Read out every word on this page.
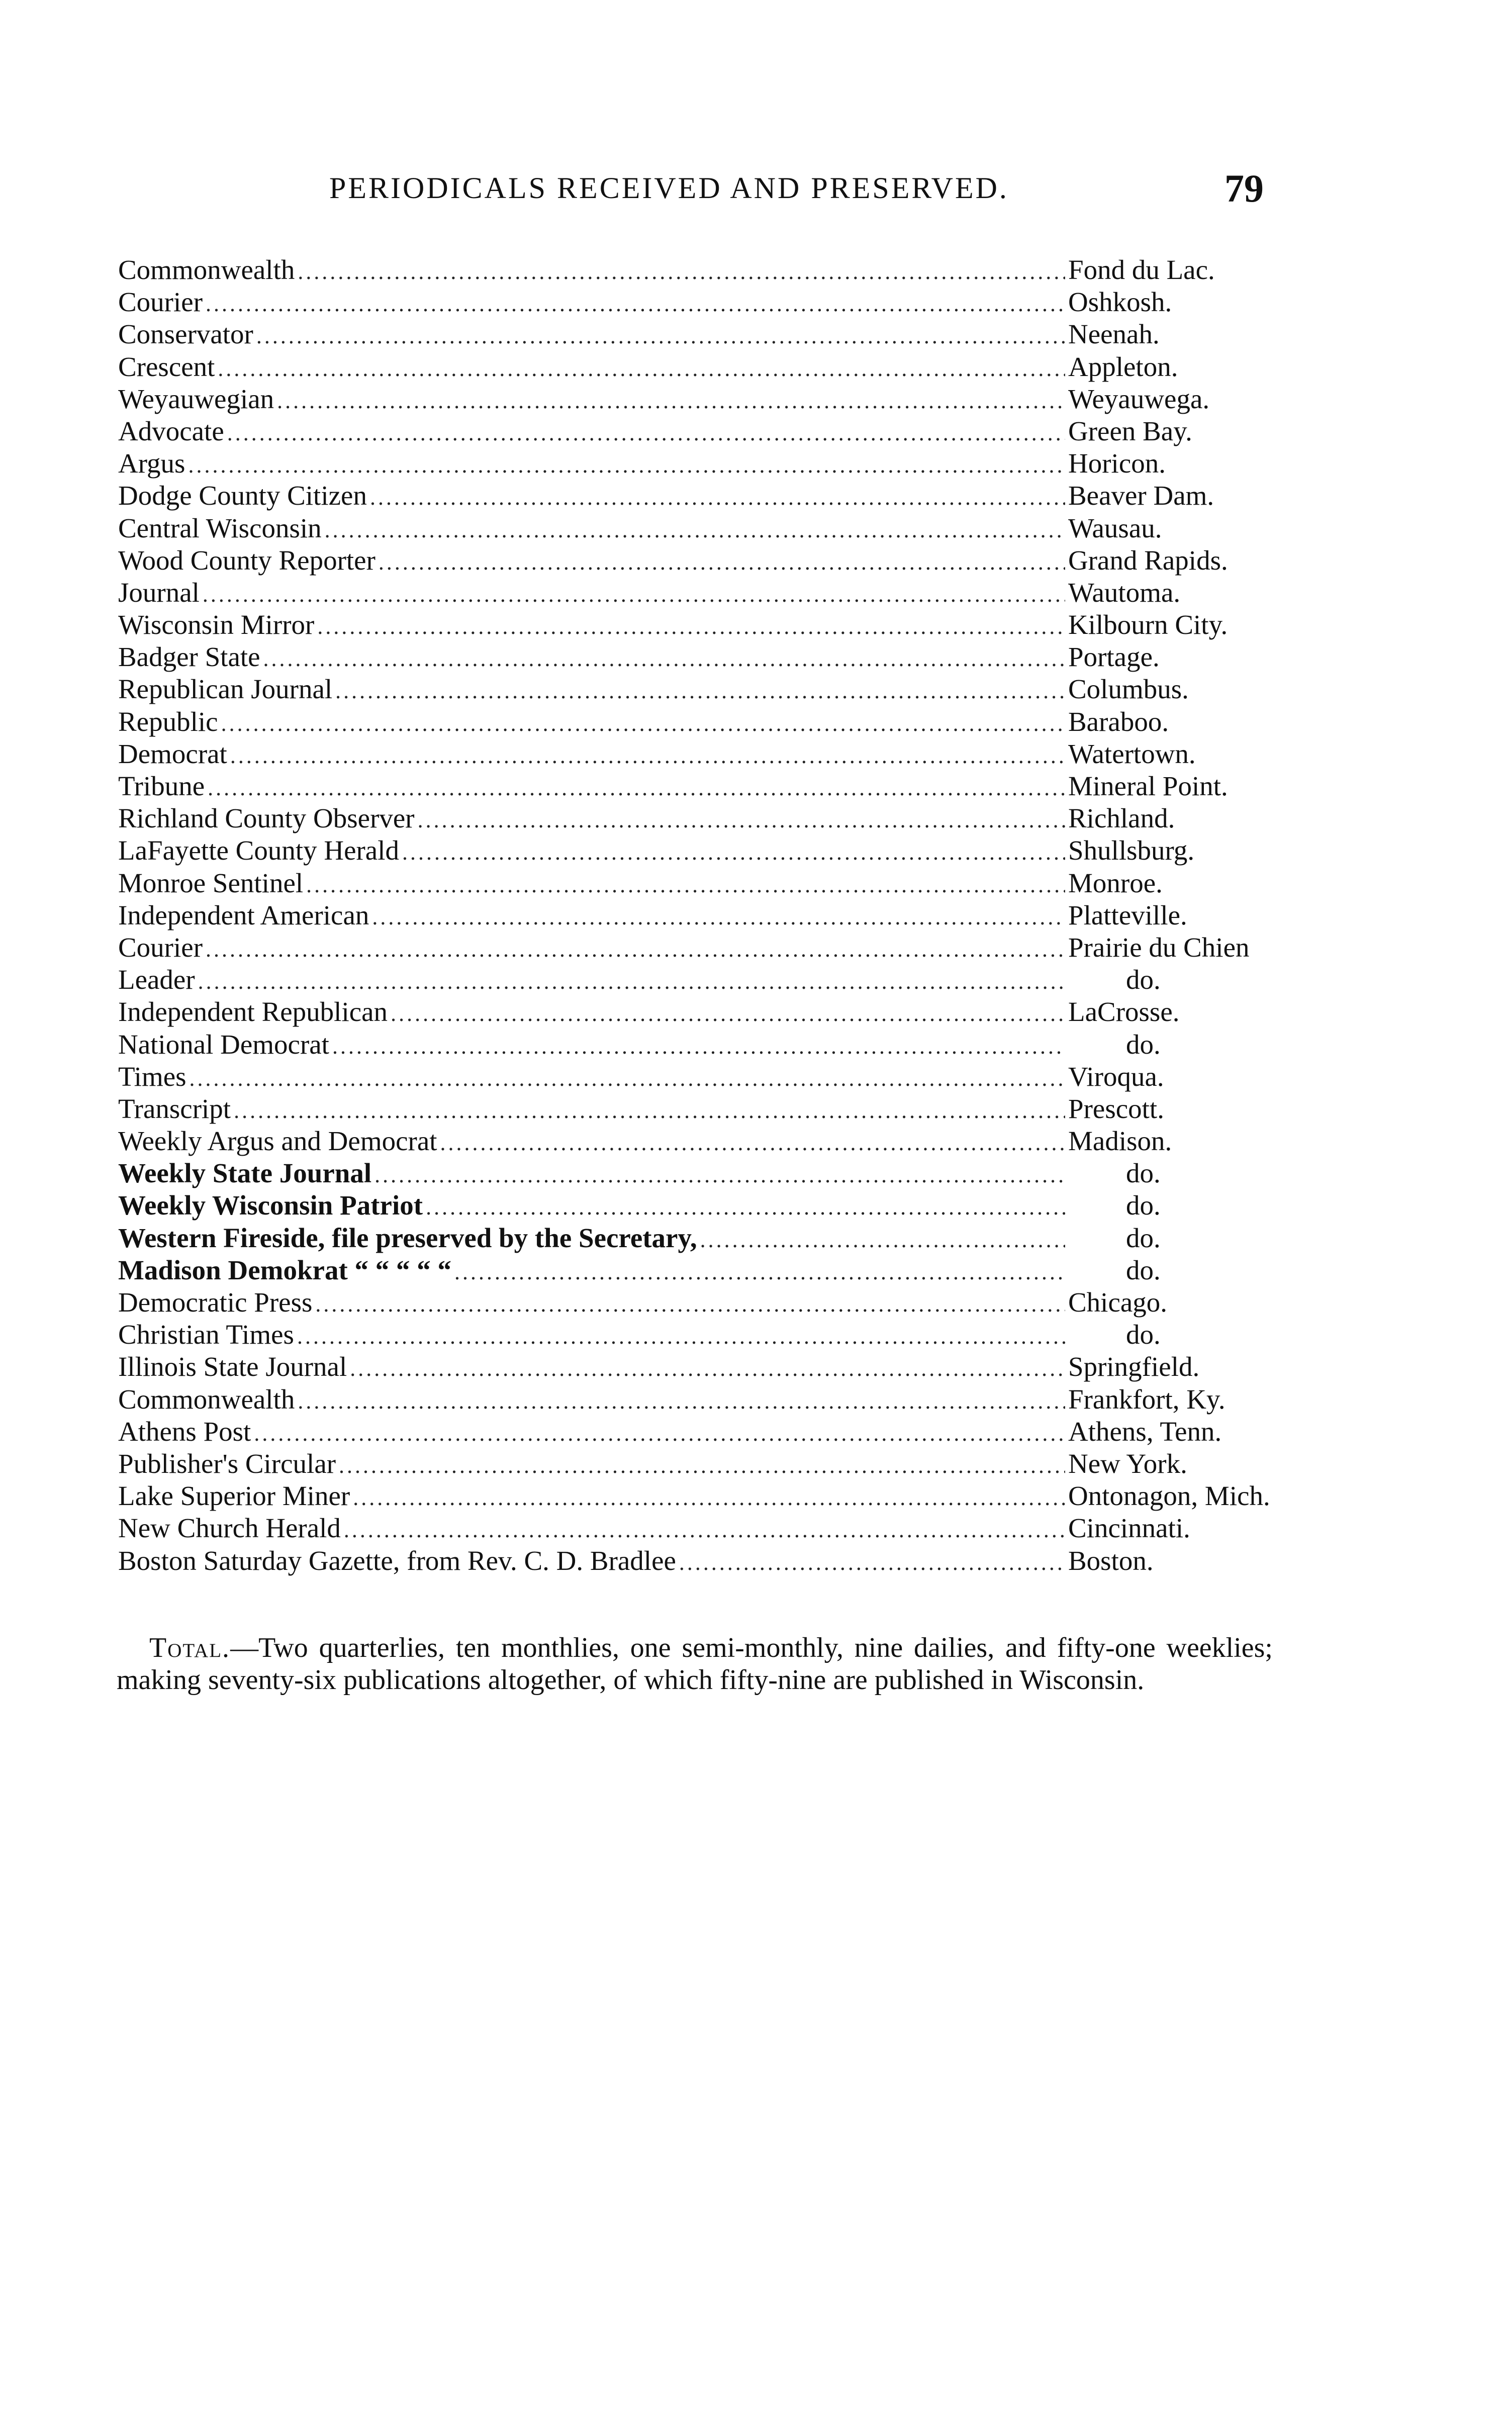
PERIODICALS RECEIVED AND PRESERVED.	79
Commonwealth .....	Fond du Lac.
Courier .....	Oshkosh.
Conservator .....	Neenah.
Crescent .....	Appleton.
Weyauwegian .....	Weyauwega.
Advocate .....	Green Bay.
Argus .....	Horicon.
Dodge County Citizen .....	Beaver Dam.
Central Wisconsin .....	Wausau.
Wood County Reporter .....	Grand Rapids.
Journal .....	Wautoma.
Wisconsin Mirror .....	Kilbourn City.
Badger State .....	Portage.
Republican Journal .....	Columbus.
Republic .....	Baraboo.
Democrat .....	Watertown.
Tribune .....	Mineral Point.
Richland County Observer .....	Richland.
LaFayette County Herald .....	Shullsburg.
Monroe Sentinel .....	Monroe.
Independent American .....	Platteville.
Courier .....	Prairie du Chien
Leader .....	do.
Independent Republican .....	LaCrosse.
National Democrat .....	do.
Times .....	Viroqua.
Transcript .....	Prescott.
Weekly Argus and Democrat .....	Madison.
Weekly State Journal .....	do.
Weekly Wisconsin Patriot .....	do.
Western Fireside, file preserved by the Secretary, .....	do.
Madison Demokrat “ “ “ “ “ .....	do.
Democratic Press .....	Chicago.
Christian Times .....	do.
Illinois State Journal .....	Springfield.
Commonwealth .....	Frankfort, Ky.
Athens Post .....	Athens, Tenn.
Publisher's Circular .....	New York.
Lake Superior Miner .....	Ontonagon, Mich.
New Church Herald .....	Cincinnati.
Boston Saturday Gazette, from Rev. C. D. Bradlee .....	Boston.

Total.—Two quarterlies, ten monthlies, one semi-monthly, nine dailies, and fifty-one weeklies; making seventy-six publications altogether, of which fifty-nine are published in Wisconsin.
